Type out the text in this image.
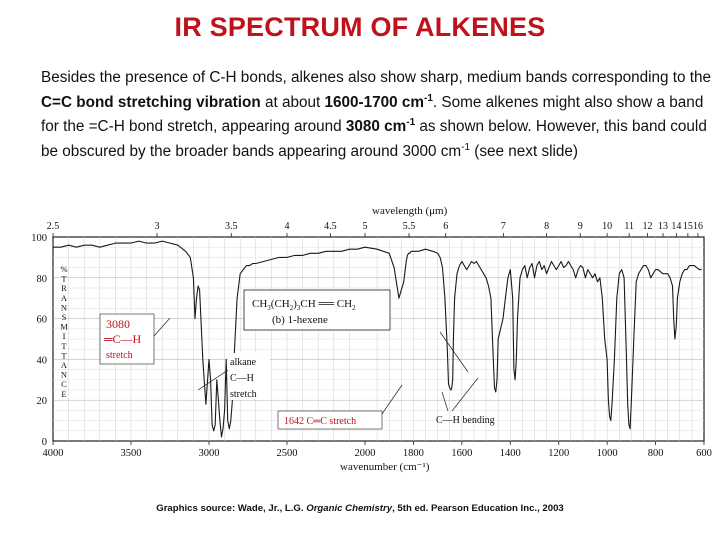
IR SPECTRUM OF ALKENES
Besides the presence of C-H bonds, alkenes also show sharp, medium bands corresponding to the C=C bond stretching vibration at about 1600-1700 $cm^{-1}$. Some alkenes might also show a band for the =C-H bond stretch, appearing around 3080 $cm^{-1}$ as shown below. However, this band could be obscured by the broader bands appearing around 3000 $cm^{-1}$ (see next slide)
4000	3500	3000	2500	2000	1800	1600	1400	1200	1000	800	600
100
80
60
40
20
0
2.5	3	3.5	4	4.5	5	5.5	6	7	8	9 10 11 12 13 14 15 16
wavelength (μm)
wavenumber (cm⁻¹)
% T R A N S M I T T A N C E
$CH_3(CH_2)_3CH$ ══ $CH_2$
(b) 1-hexene
3080
═C—H
stretch
alkane
C—H
stretch
1642 C═C stretch	C—H bending
Graphics source: Wade, Jr., L.G. Organic Chemistry, 5th ed. Pearson Education Inc., 2003
